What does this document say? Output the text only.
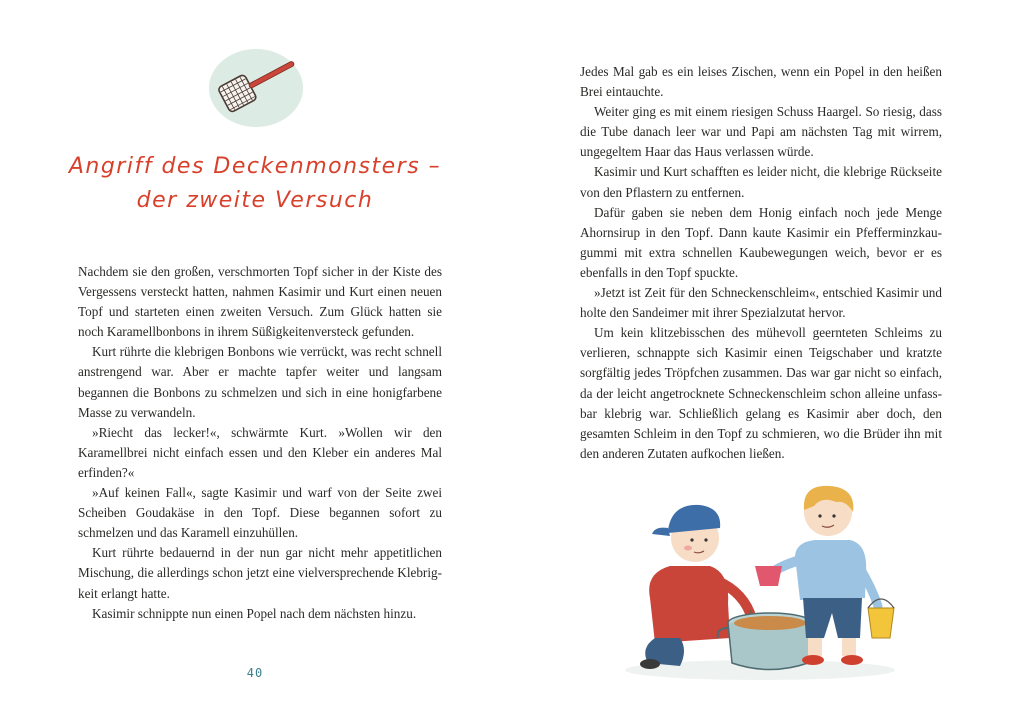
Angriff des Deckenmonsters –
der zweite Versuch

Nachdem sie den großen, verschmorten Topf sicher in der Kiste des Vergessens versteckt hatten, nahmen Kasimir und Kurt einen neuen Topf und starteten einen zweiten Versuch. Zum Glück hatten sie noch Karamellbonbons in ihrem Süßigkeitenversteck gefunden.

Kurt rührte die klebrigen Bonbons wie verrückt, was recht schnell anstrengend war. Aber er machte tapfer weiter und langsam begannen die Bonbons zu schmelzen und sich in eine honigfarbene Masse zu verwandeln.

»Riecht das lecker!«, schwärmte Kurt. »Wollen wir den Karamellbrei nicht einfach essen und den Kleber ein anderes Mal erfinden?«

»Auf keinen Fall«, sagte Kasimir und warf von der Seite zwei Scheiben Goudakäse in den Topf. Diese begannen sofort zu schmelzen und das Karamell einzuhüllen.

Kurt rührte bedauernd in der nun gar nicht mehr appetitlichen Mischung, die allerdings schon jetzt eine vielversprechende Klebrigkeit erlangt hatte.

Kasimir schnippte nun einen Popel nach dem nächsten hinzu.

40

Jedes Mal gab es ein leises Zischen, wenn ein Popel in den heißen Brei eintauchte.

Weiter ging es mit einem riesigen Schuss Haargel. So riesig, dass die Tube danach leer war und Papi am nächsten Tag mit wirrem, ungegeltem Haar das Haus verlassen würde.

Kasimir und Kurt schafften es leider nicht, die klebrige Rückseite von den Pflastern zu entfernen.

Dafür gaben sie neben dem Honig einfach noch jede Menge Ahornsirup in den Topf. Dann kaute Kasimir ein Pfefferminzkaugummi mit extra schnellen Kaubewegungen weich, bevor er es ebenfalls in den Topf spuckte.

»Jetzt ist Zeit für den Schneckenschleim«, entschied Kasimir und holte den Sandeimer mit ihrer Spezialzutat hervor.

Um kein klitzebisschen des mühevoll geernteten Schleims zu verlieren, schnappte sich Kasimir einen Teigschaber und kratzte sorgfältig jedes Tröpfchen zusammen. Das war gar nicht so einfach, da der leicht angetrocknete Schneckenschleim schon alleine unfassbar klebrig war. Schließlich gelang es Kasimir aber doch, den gesamten Schleim in den Topf zu schmieren, wo die Brüder ihn mit den anderen Zutaten aufkochen ließen.
